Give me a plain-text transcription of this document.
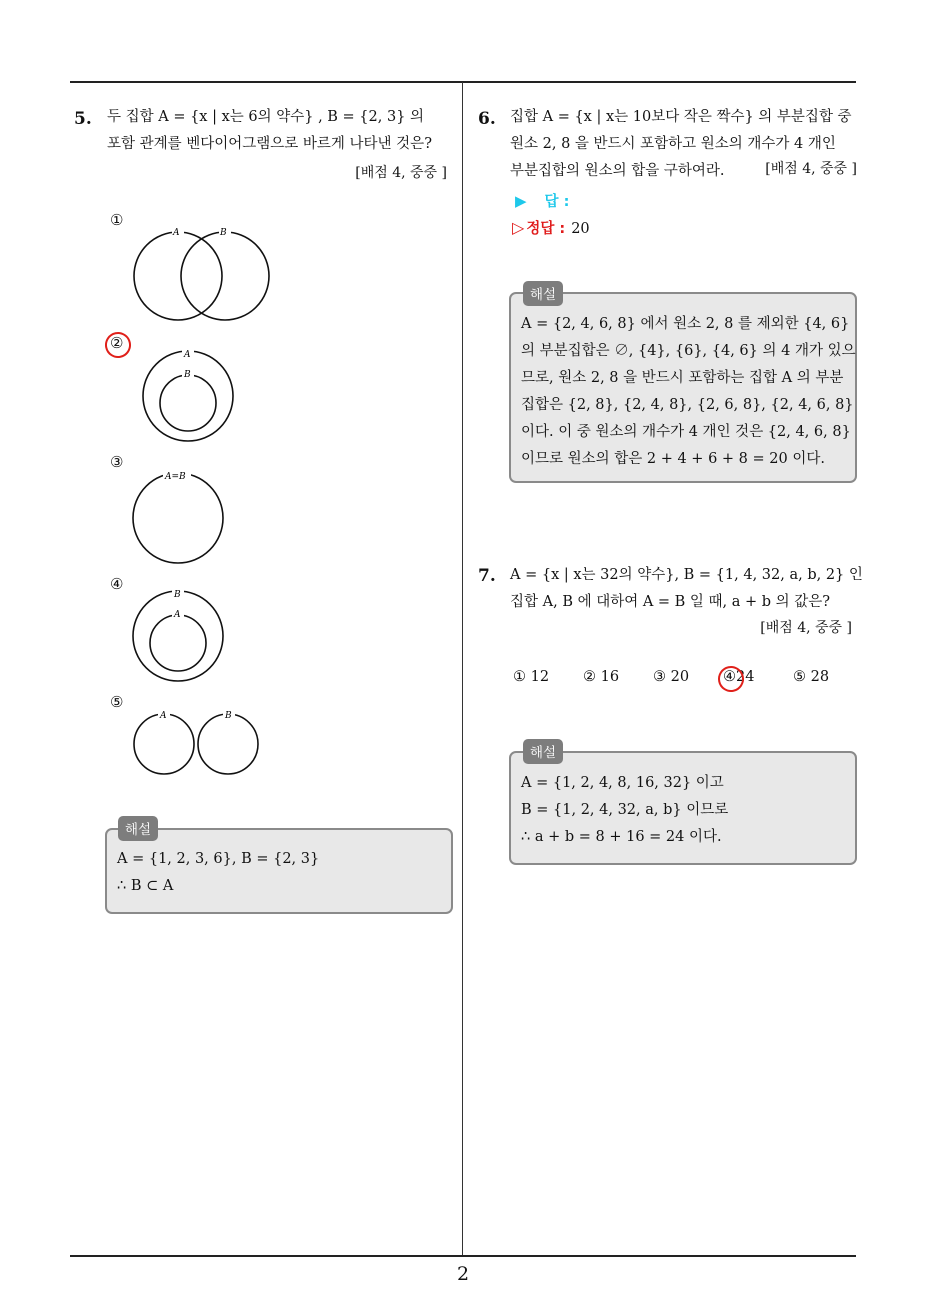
2
5. 두 집합 A = {x | x는 6의 약수} , B = {2, 3} 의
포함 관계를 벤다이어그램으로 바르게 나타낸 것은?
[배점 4, 중중 ]
①
A	B
②
A
B
③
A=B
④
B
A
⑤
A	B
해설
A = {1, 2, 3, 6}, B = {2, 3}
∴ B ⊂ A
6. 집합 A = {x | x는 10보다 작은 짝수} 의 부분집합 중
원소 2, 8 을 반드시 포함하고 원소의 개수가 4 개인
부분집합의 원소의 합을 구하여라.	[배점 4, 중중 ]
▶ 답 :
▷ 정답 : 20
해설
A = {2, 4, 6, 8} 에서 원소 2, 8 를 제외한 {4, 6}
의 부분집합은 ∅, {4}, {6}, {4, 6} 의 4 개가 있으
므로, 원소 2, 8 을 반드시 포함하는 집합 A 의 부분
집합은 {2, 8}, {2, 4, 8}, {2, 6, 8}, {2, 4, 6, 8}
이다. 이 중 원소의 개수가 4 개인 것은 {2, 4, 6, 8}
이므로 원소의 합은 2 + 4 + 6 + 8 = 20 이다.
7. A = {x | x는 32의 약수}, B = {1, 4, 32, a, b, 2} 인
집합 A, B 에 대하여 A = B 일 때, a + b 의 값은?
[배점 4, 중중 ]
① 12 ② 16 ③ 20 ④24	⑤ 28
해설
A = {1, 2, 4, 8, 16, 32} 이고
B = {1, 2, 4, 32, a, b} 이므로
∴ a + b = 8 + 16 = 24 이다.
